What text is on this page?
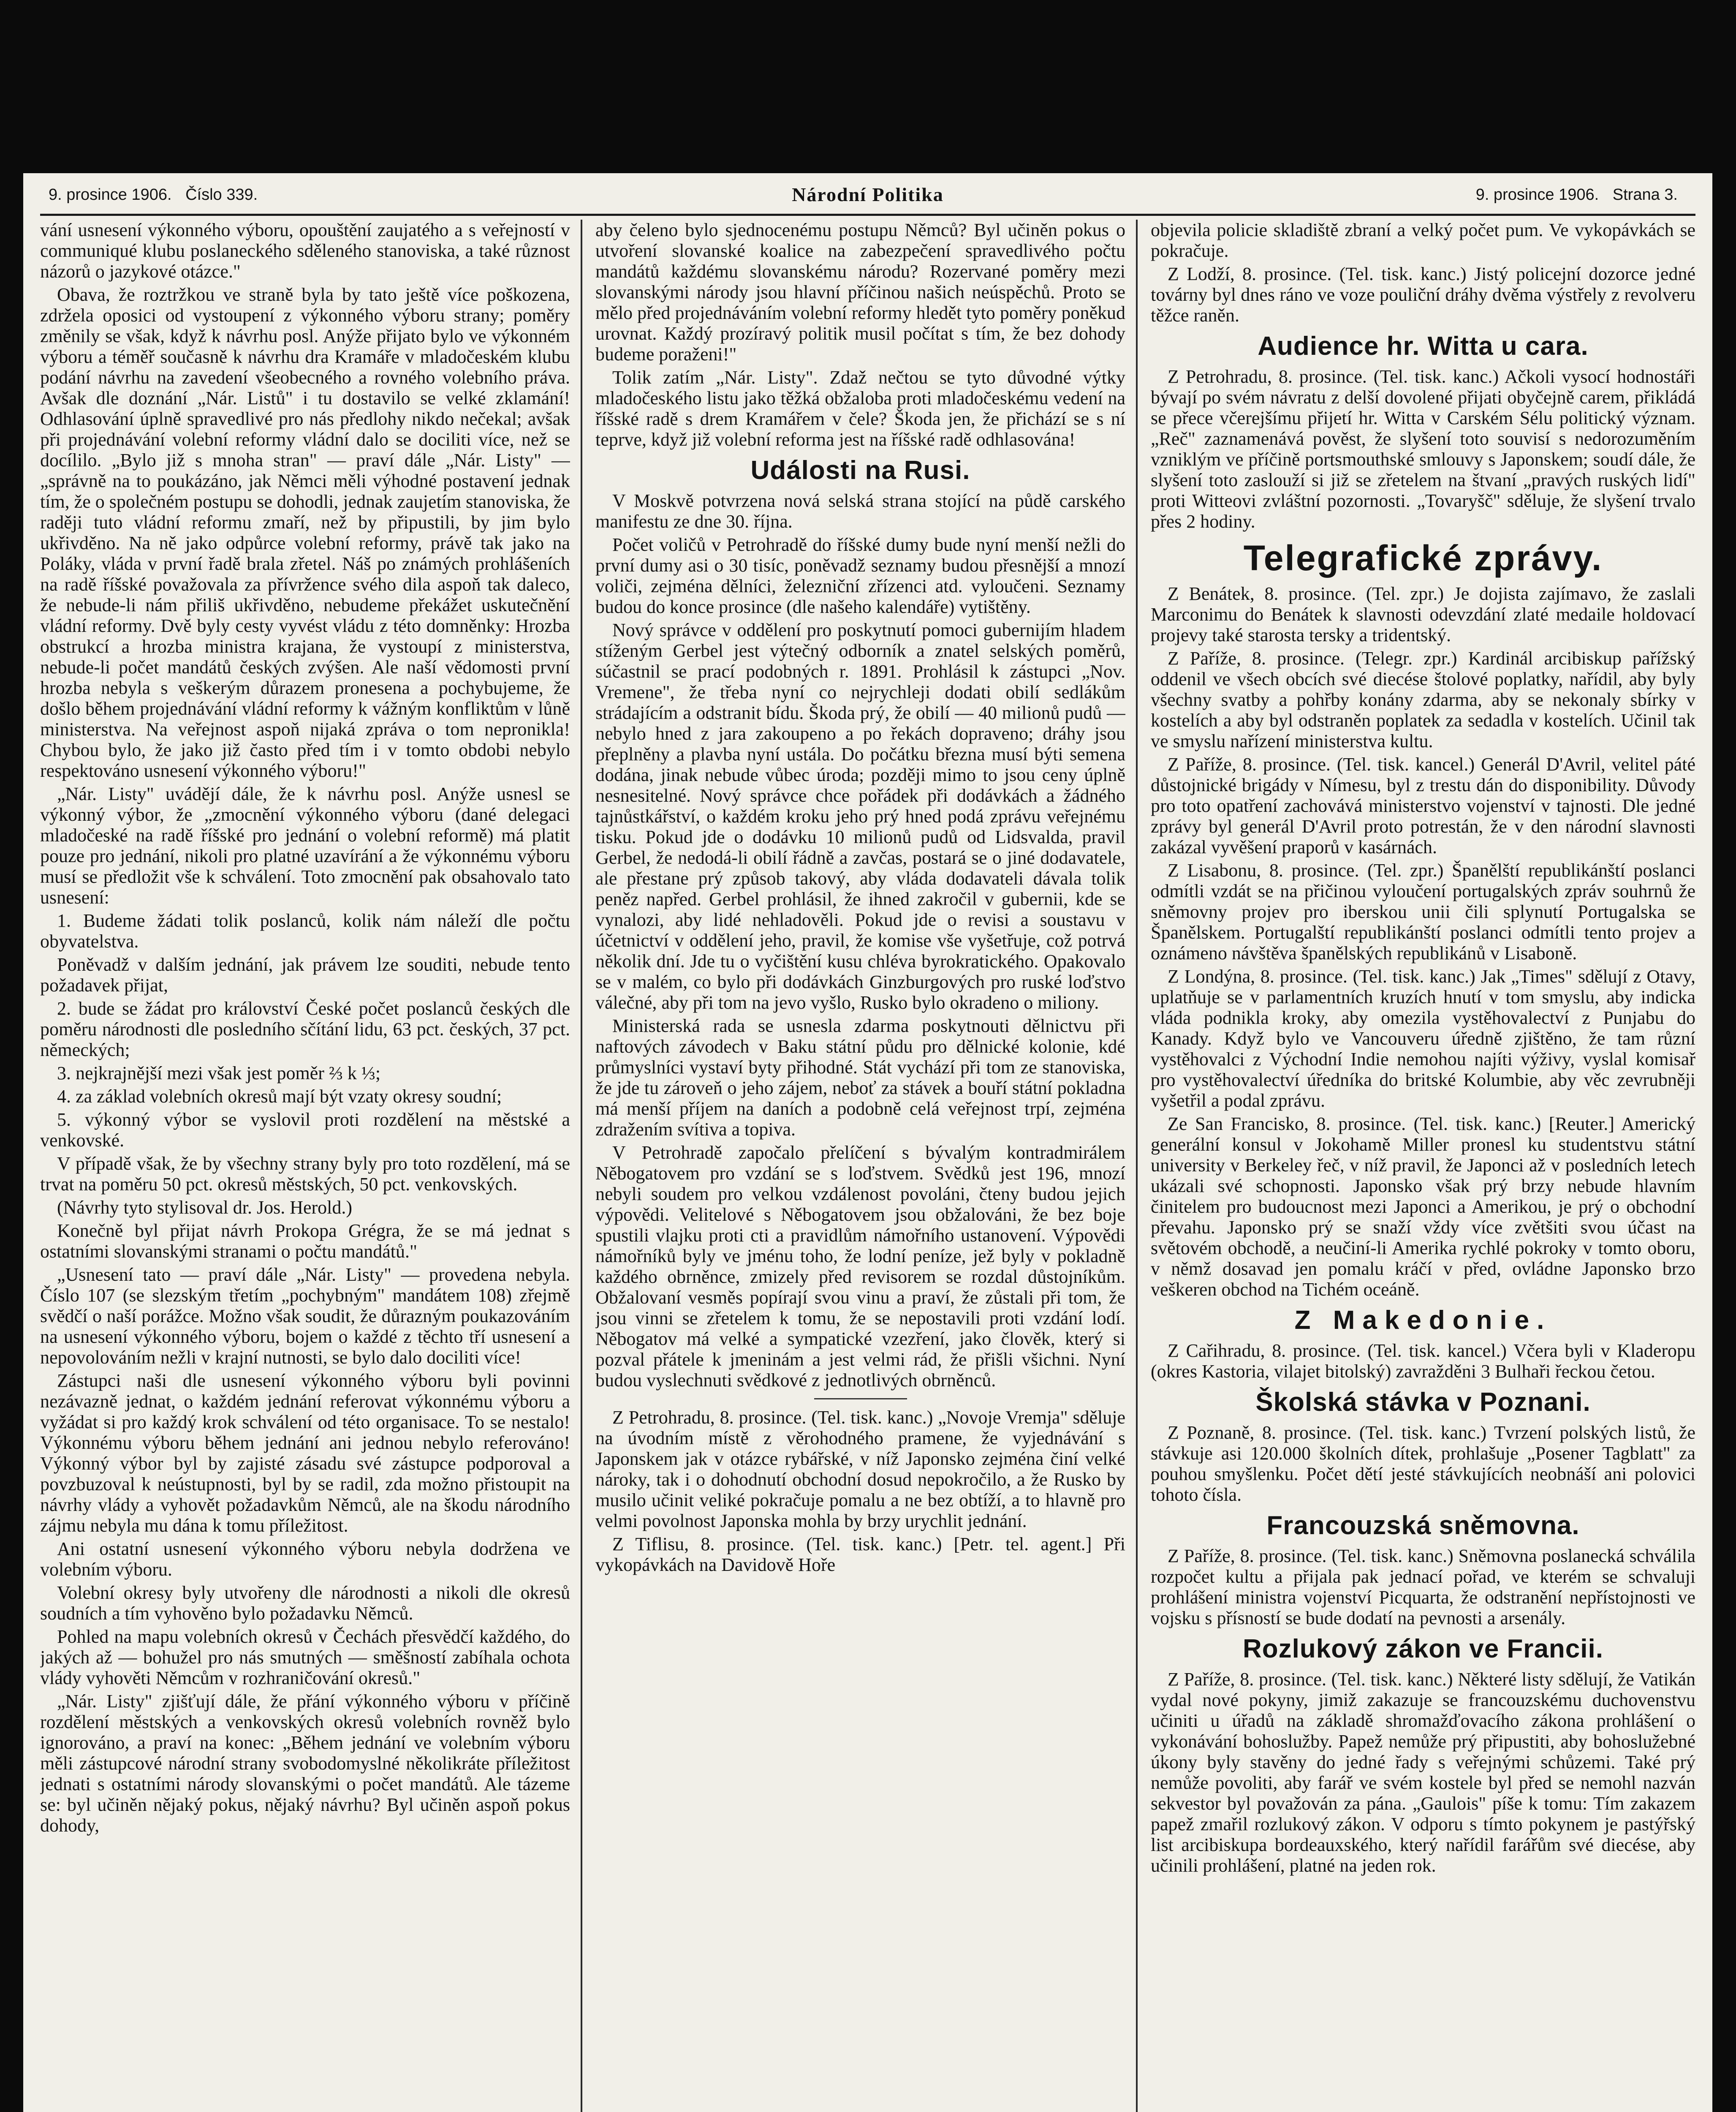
9. prosince 1906. Číslo 339.	Národní Politika	9. prosince 1906. Strana 3.

vání usnesení výkonného výboru, opouštění zaujatého a s veřejností v communiqué klubu poslaneckého sděleného stanoviska, a také různost názorů o jazykové otázce."

Obava, že roztržkou ve straně byla by tato ještě více poškozena, zdržela oposici od vystoupení z výkonného výboru strany; poměry změnily se však, když k návrhu posl. Anýže přijato bylo ve výkonném výboru a téměř současně k návrhu dra Kramáře v mladočeském klubu podání návrhu na zavedení všeobecného a rovného volebního práva. Avšak dle doznání „Nár. Listů" i tu dostavilo se velké zklamání! Odhlasování úplně spravedlivé pro nás předlohy nikdo nečekal; avšak při projednávání volební reformy vládní dalo se dociliti více, než se docílilo. „Bylo již s mnoha stran" — praví dále „Nár. Listy" — „správně na to poukázáno, jak Němci měli výhodné postavení jednak tím, že o společném postupu se dohodli, jednak zaujetím stanoviska, že raději tuto vládní reformu zmaří, než by připustili, by jim bylo ukřivděno. Na ně jako odpůrce volební reformy, právě tak jako na Poláky, vláda v první řadě brala zřetel. Náš po známých prohlášeních na radě říšské považovala za přívržence svého dila aspoň tak daleco, že nebude-li nám přiliš ukřivděno, nebudeme překážet uskutečnění vládní reformy. Dvě byly cesty vyvést vládu z této domněnky: Hrozba obstrukcí a hrozba ministra krajana, že vystoupí z ministerstva, nebude-li počet mandátů českých zvýšen. Ale naší vědomosti první hrozba nebyla s veškerým důrazem pronesena a pochybujeme, že došlo během projednávání vládní reformy k vážným konfliktům v lůně ministerstva. Na veřejnost aspoň nijaká zpráva o tom nepronikla! Chybou bylo, že jako již často před tím i v tomto obdobi nebylo respektováno usnesení výkonného výboru!"

„Nár. Listy" uvádějí dále, že k návrhu posl. Anýže usnesl se výkonný výbor, že „zmocnění výkonného výboru (dané delegaci mladočeské na radě říšské pro jednání o volební reformě) má platit pouze pro jednání, nikoli pro platné uzavírání a že výkonnému výboru musí se předložit vše k schválení. Toto zmocnění pak obsahovalo tato usnesení:

1. Budeme žádati tolik poslanců, kolik nám náleží dle počtu obyvatelstva.

Poněvadž v dalším jednání, jak právem lze souditi, nebude tento požadavek přijat,

2. bude se žádat pro království České počet poslanců českých dle poměru národnosti dle posledního sčítání lidu, 63 pct. českých, 37 pct. německých;

3. nejkrajnější mezi však jest poměr ⅔ k ⅓;

4. za základ volebních okresů mají být vzaty okresy soudní;

5. výkonný výbor se vyslovil proti rozdělení na městské a venkovské.

V případě však, že by všechny strany byly pro toto rozdělení, má se trvat na poměru 50 pct. okresů městských, 50 pct. venkovských.

(Návrhy tyto stylisoval dr. Jos. Herold.)

Konečně byl přijat návrh Prokopa Grégra, že se má jednat s ostatními slovanskými stranami o počtu mandátů."

„Usnesení tato — praví dále „Nár. Listy" — provedena nebyla. Číslo 107 (se slezským třetím „pochybným" mandátem 108) zřejmě svědčí o naší porážce. Možno však soudit, že důrazným poukazováním na usnesení výkonného výboru, bojem o každé z těchto tří usnesení a nepovolováním nežli v krajní nutnosti, se bylo dalo dociliti více!

Zástupci naši dle usnesení výkonného výboru byli povinni nezávazně jednat, o každém jednání referovat výkonnému výboru a vyžádat si pro každý krok schválení od této organisace. To se nestalo! Výkonnému výboru během jednání ani jednou nebylo referováno! Výkonný výbor byl by zajisté zásadu své zástupce podporoval a povzbuzoval k neústupnosti, byl by se radil, zda možno přistoupit na návrhy vlády a vyhovět požadavkům Němců, ale na škodu národního zájmu nebyla mu dána k tomu příležitost.

Ani ostatní usnesení výkonného výboru nebyla dodržena ve volebním výboru.

Volební okresy byly utvořeny dle národnosti a nikoli dle okresů soudních a tím vyhověno bylo požadavku Němců.

Pohled na mapu volebních okresů v Čechách přesvědčí každého, do jakých až — bohužel pro nás smutných — směšností zabíhala ochota vlády vyhověti Němcům v rozhraničování okresů."

„Nár. Listy" zjišťují dále, že přání výkonného výboru v příčině rozdělení městských a venkovských okresů volebních rovněž bylo ignorováno, a praví na konec: „Během jednání ve volebním výboru měli zástupcové národní strany svobodomyslné několikráte příležitost jednati s ostatními národy slovanskými o počet mandátů. Ale tázeme se: byl učiněn nějaký pokus, nějaký návrhu? Byl učiněn aspoň pokus dohody,

aby čeleno bylo sjednocenému postupu Němců? Byl učiněn pokus o utvoření slovanské koalice na zabezpečení spravedlivého počtu mandátů každému slovanskému národu? Rozervané poměry mezi slovanskými národy jsou hlavní příčinou našich neúspěchů. Proto se mělo před projednáváním volební reformy hledět tyto poměry poněkud urovnat. Každý prozíravý politik musil počítat s tím, že bez dohody budeme poraženi!"

Tolik zatím „Nár. Listy". Zdaž nečtou se tyto důvodné výtky mladočeského listu jako těžká obžaloba proti mladočeskému vedení na říšské radě s drem Kramářem v čele? Škoda jen, že přichází se s ní teprve, když již volební reforma jest na říšské radě odhlasována!

Události na Rusi.

V Moskvě potvrzena nová selská strana stojící na půdě carského manifestu ze dne 30. října.

Počet voličů v Petrohradě do říšské dumy bude nyní menší nežli do první dumy asi o 30 tisíc, poněvadž seznamy budou přesnější a mnozí voliči, zejména dělníci, železniční zřízenci atd. vyloučeni. Seznamy budou do konce prosince (dle našeho kalendáře) vytištěny.

Nový správce v oddělení pro poskytnutí pomoci gubernijím hladem stíženým Gerbel jest výtečný odborník a znatel selských poměrů, súčastnil se prací podobných r. 1891. Prohlásil k zástupci „Nov. Vremene", že třeba nyní co nejrychleji dodati obilí sedlákům strádajícím a odstranit bídu. Škoda prý, že obilí — 40 milionů pudů — nebylo hned z jara zakoupeno a po řekách dopraveno; dráhy jsou přeplněny a plavba nyní ustála. Do počátku března musí býti semena dodána, jinak nebude vůbec úroda; později mimo to jsou ceny úplně nesnesitelné. Nový správce chce pořádek při dodávkách a žádného tajnůstkářství, o každém kroku jeho prý hned podá zprávu veřejnému tisku. Pokud jde o dodávku 10 milionů pudů od Lidsvalda, pravil Gerbel, že nedodá-li obilí řádně a zavčas, postará se o jiné dodavatele, ale přestane prý způsob takový, aby vláda dodavateli dávala tolik peněz napřed. Gerbel prohlásil, že ihned zakročil v gubernii, kde se vynalozi, aby lidé nehladověli. Pokud jde o revisi a soustavu v účetnictví v oddělení jeho, pravil, že komise vše vyšetřuje, což potrvá několik dní. Jde tu o vyčištění kusu chlévа byrokratického. Opakovalo se v malém, co bylo při dodávkách Ginzburgových pro ruské loďstvo válečné, aby při tom na jevo vyšlo, Rusko bylo okradeno o miliony.

Ministerská rada se usnesla zdarma poskytnouti dělnictvu při naftových závodech v Baku státní půdu pro dělnické kolonie, kdé průmyslníci vystaví byty přihodné. Stát vychází při tom ze stanoviska, že jde tu zároveň o jeho zájem, neboť za stávek a bouří státní pokladna má menší příjem na daních a podobně celá veřejnost trpí, zejména zdražením svítiva a topiva.

V Petrohradě započalo přelíčení s bývalým kontradmirálem Něbogatovem pro vzdání se s loďstvem. Svědků jest 196, mnozí nebyli soudem pro velkou vzdálenost povoláni, čteny budou jejich výpovědi. Velitelové s Něbogatovem jsou obžalováni, že bez boje spustili vlajku proti cti a pravidlům námořního ustanovení. Výpovědi námořníků byly ve jménu toho, že lodní peníze, jež byly v pokladně každého obrněnce, zmizely před revisorem se rozdal důstojníkům. Obžalovaní vesměs popírají svou vinu a praví, že zůstali při tom, že jsou vinni se zřetelem k tomu, že se nepostavili proti vzdání lodí. Něbogatov má velké a sympatické vzezření, jako člověk, který si pozval přátele k jmeninám a jest velmi rád, že přišli všichni. Nyní budou vyslechnuti svědkové z jednotlivých obrněnců.

Z Petrohradu, 8. prosince. (Tel. tisk. kanc.) „Novoje Vremja" sděluje na úvodním místě z věrohodného pramene, že vyjednávání s Japonskem jak v otázce rybářské, v níž Japonsko zejména činí velké nároky, tak i o dohodnutí obchodní dosud nepokročilo, a že Rusko by musilo učinit veliké pokračuje pomalu a ne bez obtíží, a to hlavně pro velmi povolnost Japonska mohla by brzy urychlit jednání.

Z Tiflisu, 8. prosince. (Tel. tisk. kanc.) [Petr. tel. agent.] Při vykopávkách na Davidově Hoře

objevila policie skladiště zbraní a velký počet pum. Ve vykopávkách se pokračuje.

Z Lodží, 8. prosince. (Tel. tisk. kanc.) Jistý policejní dozorce jedné továrny byl dnes ráno ve voze pouliční dráhy dvěma výstřely z revolveru těžce raněn.

Audience hr. Witta u cara.

Z Petrohradu, 8. prosince. (Tel. tisk. kanc.) Ačkoli vysocí hodnostáři bývají po svém návratu z delší dovolené přijati obyčejně carem, přikládá se přece včerejšímu přijetí hr. Witta v Carském Sélu politický význam. „Reč" zaznamenává pověst, že slyšení toto souvisí s nedorozuměním vzniklým ve příčině portsmouthské smlouvy s Japonskem; soudí dále, že slyšení toto zaslouží si již se zřetelem na štvaní „pravých ruských lidí" proti Witteovi zvláštní pozornosti. „Tovaryšč" sděluje, že slyšení trvalo přes 2 hodiny.

Telegrafické zprávy.

Z Benátek, 8. prosince. (Tel. zpr.) Je dojista zajímavo, že zaslali Marconimu do Benátek k slavnosti odevzdání zlaté medaile holdovací projevy také starosta tersky a tridentský.

Z Paříže, 8. prosince. (Telegr. zpr.) Kardinál arcibiskup pařížský oddenil ve všech obcích své diecése štolové poplatky, nařídil, aby byly všechny svatby a pohřby konány zdarma, aby se nekonaly sbírky v kostelích a aby byl odstraněn poplatek za sedadla v kostelích. Učinil tak ve smyslu nařízení ministerstva kultu.

Z Paříže, 8. prosince. (Tel. tisk. kancel.) Generál D'Avril, velitel páté důstojnické brigády v Nímesu, byl z trestu dán do disponibility. Důvody pro toto opatření zachovává ministerstvo vojenství v tajnosti. Dle jedné zprávy byl generál D'Avril proto potrestán, že v den národní slavnosti zakázal vyvěšení praporů v kasárnách.

Z Lisabonu, 8. prosince. (Tel. zpr.) Španělští republikánští poslanci odmítli vzdát se na přičinou vyloučení portugalských zpráv souhrnů že sněmovny projev pro iberskou unii čili splynutí Portugalska se Španělskem. Portugalští republikánští poslanci odmítli tento projev a oznámeno návštěva španělských republikánů v Lisaboně.

Z Londýna, 8. prosince. (Tel. tisk. kanc.) Jak „Times" sdělují z Otavy, uplatňuje se v parlamentních kruzích hnutí v tom smyslu, aby indickа vláda podnikla kroky, aby omezila vystěhovalectví z Punjabu do Kanady. Když bylo ve Vancouveru úředně zjištěno, že tam různí vystěhovalci z Východní Indie nemohou najíti výživy, vyslal komisař pro vystěhovalectví úředníka do britské Kolumbie, aby věc zevrubněji vyšetřil a podal zprávu.

Ze San Francisko, 8. prosince. (Tel. tisk. kanc.) [Reuter.] Americký generální konsul v Jokohamě Miller pronesl ku studentstvu státní university v Berkeley řeč, v níž pravil, že Japonci až v posledních letech ukázali své schopnosti. Japonsko však prý brzy nebude hlavním činitelem pro budoucnost mezi Japonci a Amerikou, je prý o obchodní převahu. Japonsko prý se snaží vždy více zvětšiti svou účast na světovém obchodě, a neučiní-li Amerika rychlé pokroky v tomto oboru, v němž dosavad jen pomalu kráčí v před, ovládne Japonsko brzo veškeren obchod na Tichém oceáně.

Z Makedonie.

Z Cařihradu, 8. prosince. (Tel. tisk. kancel.) Včera byli v Kladeropu (okres Kastoria, vilajet bitolský) zavražděni 3 Bulhaři řeckou četou.

Školská stávka v Poznani.

Z Poznaně, 8. prosince. (Tel. tisk. kanc.) Tvrzení polských listů, že stávkuje asi 120.000 školních dítek, prohlašuje „Posener Tagblatt" za pouhou smyšlenku. Počet dětí jesté stávkujících neobnáší ani polovici tohoto čísla.

Francouzská sněmovna.

Z Paříže, 8. prosince. (Tel. tisk. kanc.) Sněmovna poslanecká schválila rozpočet kultu a přijala pak jednací pořad, ve kterém se schvaluji prohlášení ministra vojenství Picquarta, že odstranění nepřístojnosti ve vojsku s přísností se bude dodatí na pevnosti a arsenály.

Rozlukový zákon ve Francii.

Z Paříže, 8. prosince. (Tel. tisk. kanc.) Některé listy sdělují, že Vatikán vydal nové pokyny, jimiž zakazuje se francouzskému duchovenstvu učiniti u úřadů na základě shromažďovacího zákona prohlášení o vykonávání bohoslužby. Papež nemůže prý připustiti, aby bohoslužebné úkony byly stavěny do jedné řady s veřejnými schůzemi. Také prý nemůže povoliti, aby farář ve svém kostele byl před se nemohl nazván sekvestor byl považován za pána. „Gaulois" píše k tomu: Tím zakazem papež zmařil rozlukový zákon. V odporu s tímto pokynem je pastýřský list arcibiskupa bordeauxského, který nařídil farářům své diecése, aby učinili prohlášení, platné na jeden rok.
